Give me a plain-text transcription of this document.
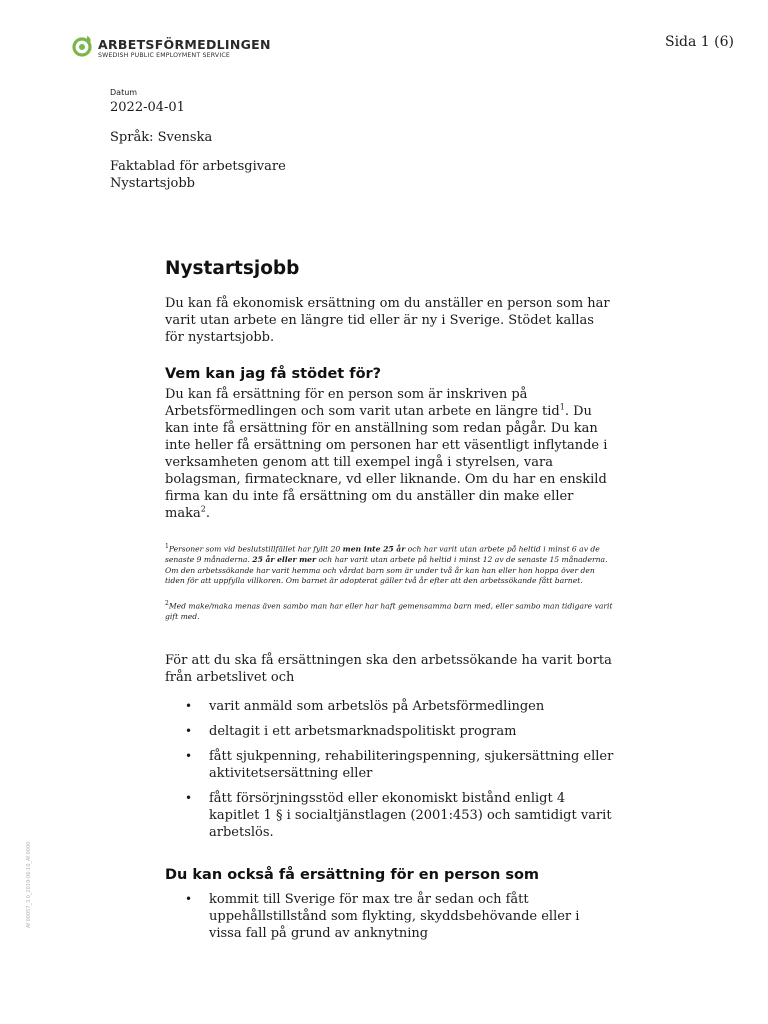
ARBETSFÖRMEDLINGEN
SWEDISH PUBLIC EMPLOYMENT SERVICE
Sida 1 (6)
Datum
2022-04-01
Språk: Svenska
Faktablad för arbetsgivare
Nystartsjobb
Nystartsjobb

Du kan få ekonomisk ersättning om du anställer en person som har varit utan arbete en längre tid eller är ny i Sverige. Stödet kallas för nystartsjobb.

Vem kan jag få stödet för?

Du kan få ersättning för en person som är inskriven på Arbetsförmedlingen och som varit utan arbete en längre tid$^1$. Du kan inte få ersättning för en anställning som redan pågår. Du kan inte heller få ersättning om personen har ett väsentligt inflytande i verksamheten genom att till exempel ingå i styrelsen, vara bolagsman, firmatecknare, vd eller liknande. Om du har en enskild firma kan du inte få ersättning om du anställer din make eller maka$^2$.

$^1$Personer som vid beslutstillfället har fyllt 20 men inte 25 år och har varit utan arbete på heltid i minst 6 av de senaste 9 månaderna. 25 år eller mer och har varit utan arbete på heltid i minst 12 av de senaste 15 månaderna. Om den arbetssökande har varit hemma och vårdat barn som är under två år kan han eller hon hoppa över den tiden för att uppfylla villkoren. Om barnet är adopterat gäller två år efter att den arbetssökande fått barnet.

$^2$Med make/maka menas även sambo man har eller har haft gemensamma barn med, eller sambo man tidigare varit gift med.

För att du ska få ersättningen ska den arbetssökande ha varit borta från arbetslivet och

• varit anmäld som arbetslös på Arbetsförmedlingen
• deltagit i ett arbetsmarknadspolitiskt program
• fått sjukpenning, rehabiliteringspenning, sjukersättning eller aktivitetsersättning eller
• fått försörjningsstöd eller ekonomiskt bistånd enligt 4 kapitlet 1 § i socialtjänstlagen (2001:453) och samtidigt varit arbetslös.
Du kan också få ersättning för en person som
• kommit till Sverige för max tre år sedan och fått uppehållstillstånd som flykting, skyddsbehövande eller i vissa fall på grund av anknytning
Af 00057_3.0_2019-06-10_Af 0000
